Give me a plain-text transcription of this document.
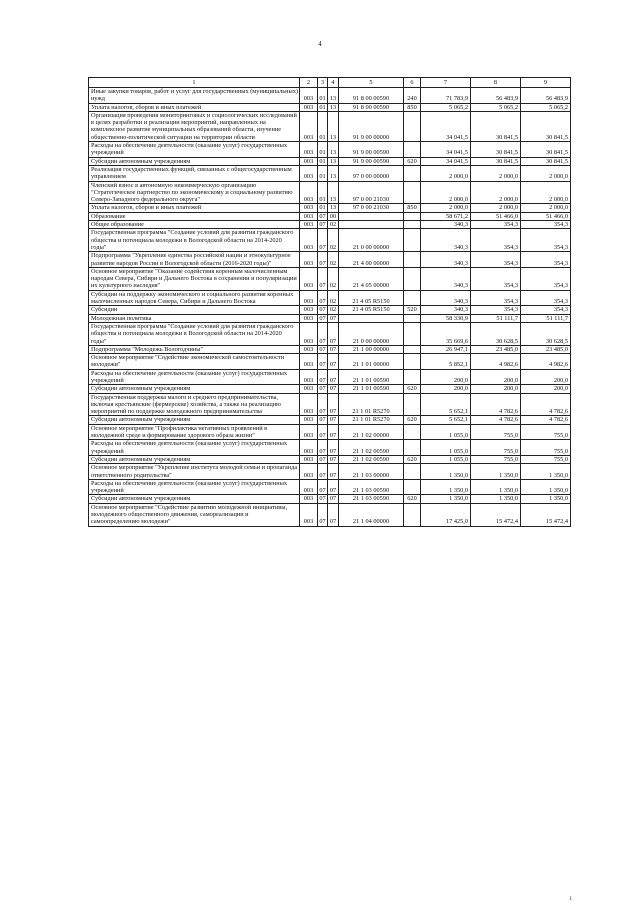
4
1	2	3	4	5	6	7	8	9
Иные закупки товаров, работ и услуг для государственных (муниципальных) нужд	003	01	13	91 8 00 00590	240	71 783,9	56 483,9	56 483,9
Уплата налогов, сборов и иных платежей	003	01	13	91 8 00 00590	850	5 065,2	5 065,2	5 065,2
Организация проведения мониторинговых и социологических исследований в целях разработки и реализации мероприятий, направленных на комплексное развитие муниципальных образований области, изучение общественно-политической ситуации на территории области	003	01	13	91 9 00 00000		34 041,5	30 841,5	30 841,5
Расходы на обеспечение деятельности (оказание услуг) государственных учреждений	003	01	13	91 9 00 00590		34 041,5	30 841,5	30 841,5
Субсидии автономным учреждениям	003	01	13	91 9 00 00590	620	34 041,5	30 841,5	30 841,5
Реализация государственных функций, связанных с общегосударственным управлением	003	01	13	97 0 00 00000		2 000,0	2 000,0	2 000,0
Членский взнос в автономную некоммерческую организацию "Стратегическое партнерство по экономическому и социальному развитию Северо-Западного федерального округа"	003	01	13	97 0 00 21030		2 000,0	2 000,0	2 000,0
Уплата налогов, сборов и иных платежей	003	01	13	97 0 00 21030	850	2 000,0	2 000,0	2 000,0
Образование	003	07	00			58 671,2	51 466,0	51 466,0
Общее образование	003	07	02			340,3	354,3	354,3
Государственная программа "Создание условий для развития гражданского общества и потенциала молодежи в Вологодской области на 2014-2020 годы"	003	07	02	21 0 00 00000		340,3	354,3	354,3
Подпрограмма "Укрепление единства российской нации и этнокультурное развитие народов России в Вологодской области (2016-2020 годы)"	003	07	02	21 4 00 00000		340,3	354,3	354,3
Основное мероприятие "Оказание содействия коренным малочисленным народам Севера, Сибири и Дальнего Востока в сохранении и популяризации их культурного наследия"	003	07	02	21 4 05 00000		340,3	354,3	354,3
Субсидии на поддержку экономического и социального развития коренных малочисленных народов Севера, Сибири и Дальнего Востока	003	07	02	21 4 05 R5150		340,3	354,3	354,3
Субсидии	003	07	02	21 4 05 R5150	520	340,3	354,3	354,3
Молодежная политика	003	07	07			58 330,9	51 111,7	51 111,7
Государственная программа "Создание условий для развития гражданского общества и потенциала молодежи в Вологодской области на 2014-2020 годы"	003	07	07	21 0 00 00000		35 669,6	30 628,5	30 628,5
Подпрограмма "Молодежь Вологодчины"	003	07	07	21 1 00 00000		26 947,1	23 485,0	23 485,0
Основное мероприятие "Содействие экономической самостоятельности молодежи"	003	07	07	21 1 01 00000		5 852,1	4 982,6	4 982,6
Расходы на обеспечение деятельности (оказание услуг) государственных учреждений	003	07	07	21 1 01 00590		200,0	200,0	200,0
Субсидии автономным учреждениям	003	07	07	21 1 01 00590	620	200,0	200,0	200,0
Государственная поддержка малого и среднего предпринимательства, включая крестьянские (фермерские) хозяйства, а также на реализацию мероприятий по поддержке молодежного предпринимательства	003	07	07	21 1 01 R5270		5 652,1	4 782,6	4 782,6
Субсидии автономным учреждениям	003	07	07	21 1 01 R5270	620	5 652,1	4 782,6	4 782,6
Основное мероприятие "Профилактика негативных проявлений в молодежной среде и формирование здорового образа жизни"	003	07	07	21 1 02 00000		1 055,0	755,0	755,0
Расходы на обеспечение деятельности (оказание услуг) государственных учреждений	003	07	07	21 1 02 00590		1 055,0	755,0	755,0
Субсидии автономным учреждениям	003	07	07	21 1 02 00590	620	1 055,0	755,0	755,0
Основное мероприятие "Укрепление института молодой семьи и пропаганда ответственного родительства"	003	07	07	21 1 03 00000		1 350,0	1 350,0	1 350,0
Расходы на обеспечение деятельности (оказание услуг) государственных учреждений	003	07	07	21 1 03 00590		1 350,0	1 350,0	1 350,0
Субсидии автономным учреждениям	003	07	07	21 1 03 00590	620	1 350,0	1 350,0	1 350,0
Основное мероприятие "Содействие развитию молодежной инициативы, молодежного общественного движения, самореализации и самоопределению молодежи"	003	07	07	21 1 04 00000		17 425,0	15 472,4	15 472,4
i
